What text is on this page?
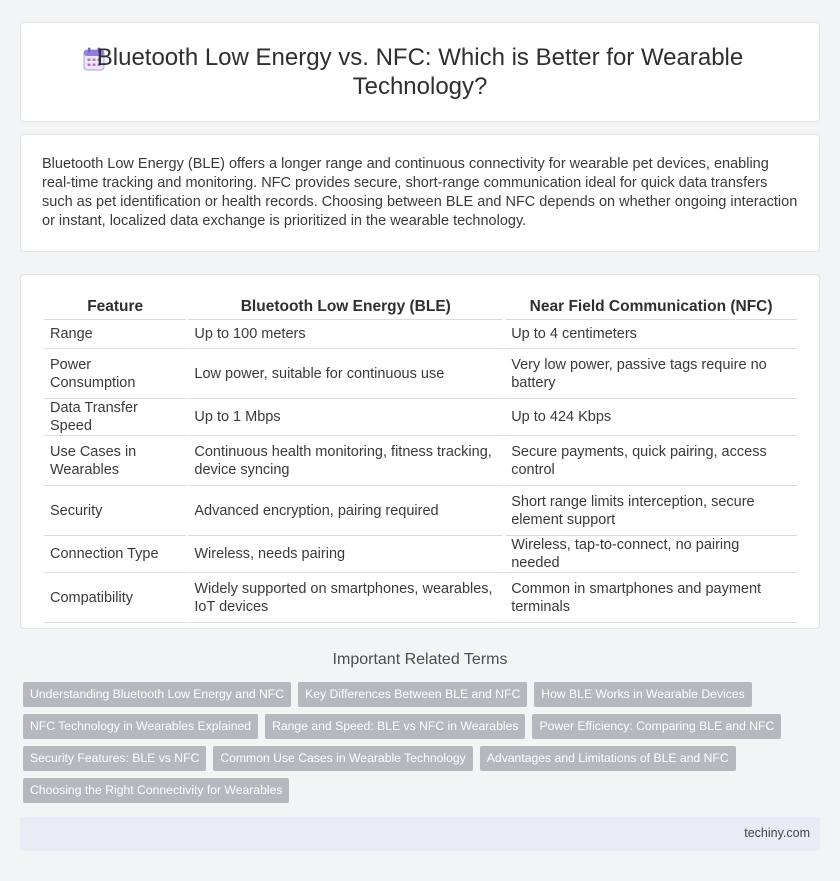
Bluetooth Low Energy vs. NFC: Which is Better for Wearable Technology?

Bluetooth Low Energy (BLE) offers a longer range and continuous connectivity for wearable pet devices, enabling real-time tracking and monitoring. NFC provides secure, short-range communication ideal for quick data transfers such as pet identification or health records. Choosing between BLE and NFC depends on whether ongoing interaction or instant, localized data exchange is prioritized in the wearable technology.

Feature	Bluetooth Low Energy (BLE)	Near Field Communication (NFC)
Range	Up to 100 meters	Up to 4 centimeters
Power Consumption	Low power, suitable for continuous use	Very low power, passive tags require no battery
Data Transfer Speed	Up to 1 Mbps	Up to 424 Kbps
Use Cases in Wearables	Continuous health monitoring, fitness tracking, device syncing	Secure payments, quick pairing, access control
Security	Advanced encryption, pairing required	Short range limits interception, secure element support
Connection Type	Wireless, needs pairing	Wireless, tap-to-connect, no pairing needed
Compatibility	Widely supported on smartphones, wearables, IoT devices	Common in smartphones and payment terminals
Important Related Terms
Understanding Bluetooth Low Energy and NFC	Key Differences Between BLE and NFC	How BLE Works in Wearable Devices
NFC Technology in Wearables Explained	Range and Speed: BLE vs NFC in Wearables	Power Efficiency: Comparing BLE and NFC
Security Features: BLE vs NFC	Common Use Cases in Wearable Technology	Advantages and Limitations of BLE and NFC
Choosing the Right Connectivity for Wearables
techiny.com
